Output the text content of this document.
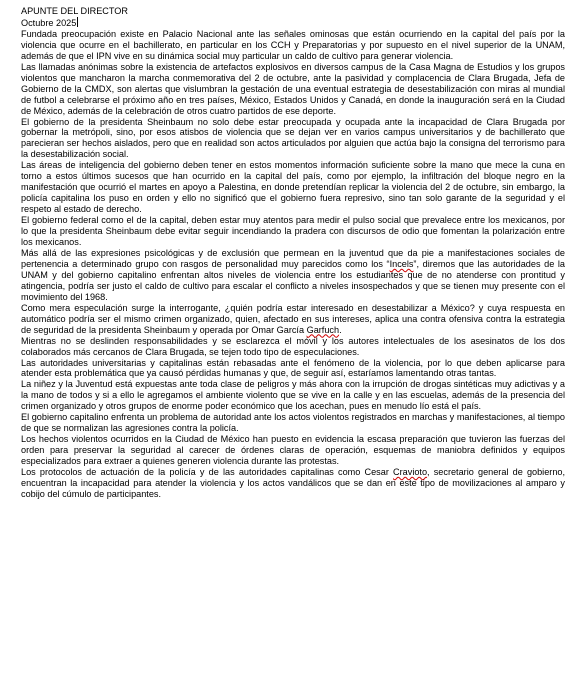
APUNTE DEL DIRECTOR
Octubre 2025

Fundada preocupación existe en Palacio Nacional ante las señales ominosas que están ocurriendo en la capital del país por la violencia que ocurre en el bachillerato, en particular en los CCH y Preparatorias y por supuesto en el nivel superior de la UNAM, además de que el IPN vive en su dinámica social muy particular un caldo de cultivo para generar violencia.

Las llamadas anónimas sobre la existencia de artefactos explosivos en diversos campus de la Casa Magna de Estudios y los grupos violentos que mancharon la marcha conmemorativa del 2 de octubre, ante la pasividad y complacencia de Clara Brugada, Jefa de Gobierno de la CMDX, son alertas que vislumbran la gestación de una eventual estrategia de desestabilización con miras al mundial de futbol a celebrarse el próximo año en tres países, México, Estados Unidos y Canadá, en donde la inauguración será en la Ciudad de México, además de la celebración de otros cuatro partidos de ese deporte.

El gobierno de la presidenta Sheinbaum no solo debe estar preocupada y ocupada ante la incapacidad de Clara Brugada por gobernar la metrópoli, sino, por esos atisbos de violencia que se dejan ver en varios campus universitarios y de bachillerato que parecieran ser hechos aislados, pero que en realidad son actos articulados por alguien que actúa bajo la consigna del terrorismo para la desestabilización social.

Las áreas de inteligencia del gobierno deben tener en estos momentos información suficiente sobre la mano que mece la cuna en torno a estos últimos sucesos que han ocurrido en la capital del país, como por ejemplo, la infiltración del bloque negro en la manifestación que ocurrió el martes en apoyo a Palestina, en donde pretendían replicar la violencia del 2 de octubre, sin embargo, la policía capitalina los puso en orden y ello no significó que el gobierno fuera represivo, sino tan solo garante de la seguridad y el respeto al estado de derecho.

El gobierno federal como el de la capital, deben estar muy atentos para medir el pulso social que prevalece entre los mexicanos, por lo que la presidenta Sheinbaum debe evitar seguir incendiando la pradera con discursos de odio que fomentan la polarización entre los mexicanos.

Más allá de las expresiones psicológicas y de exclusión que permean en la juventud que da pie a manifestaciones sociales de pertenencia a determinado grupo con rasgos de personalidad muy parecidos como los “Incels”, diremos que las autoridades de la UNAM y del gobierno capitalino enfrentan altos niveles de violencia entre los estudiantes que de no atenderse con prontitud y atingencia, podría ser justo el caldo de cultivo para escalar el conflicto a niveles insospechados y que se tienen muy presente con el movimiento del 1968.

Como mera especulación surge la interrogante, ¿quién podría estar interesado en desestabilizar a México? y cuya respuesta en automático podría ser el mismo crimen organizado, quien, afectado en sus intereses, aplica una contra ofensiva contra la estrategia de seguridad de la presidenta Sheinbaum y operada por Omar García Garfuch.

Mientras no se deslinden responsabilidades y se esclarezca el móvil y los autores intelectuales de los asesinatos de los dos colaborados más cercanos de Clara Brugada, se tejen todo tipo de especulaciones.

Las autoridades universitarias y capitalinas están rebasadas ante el fenómeno de la violencia, por lo que deben aplicarse para atender esta problemática que ya causó pérdidas humanas y que, de seguir así, estaríamos lamentando otras tantas.

La niñez y la Juventud está expuestas ante toda clase de peligros y más ahora con la irrupción de drogas sintéticas muy adictivas y a la mano de todos y si a ello le agregamos el ambiente violento que se vive en la calle y en las escuelas, además de la presencia del crimen organizado y otros grupos de enorme poder económico que los acechan, pues en menudo lío está el país.

El gobierno capitalino enfrenta un problema de autoridad ante los actos violentos registrados en marchas y manifestaciones, al tiempo de que se normalizan las agresiones contra la policía.

Los hechos violentos ocurridos en la Ciudad de México han puesto en evidencia la escasa preparación que tuvieron las fuerzas del orden para preservar la seguridad al carecer de órdenes claras de operación, esquemas de maniobra definidos y equipos especializados para extraer a quienes generen violencia durante las protestas.

Los protocolos de actuación de la policía y de las autoridades capitalinas como Cesar Cravioto, secretario general de gobierno, encuentran la incapacidad para atender la violencia y los actos vandálicos que se dan en este tipo de movilizaciones al amparo y cobijo del cúmulo de participantes.
